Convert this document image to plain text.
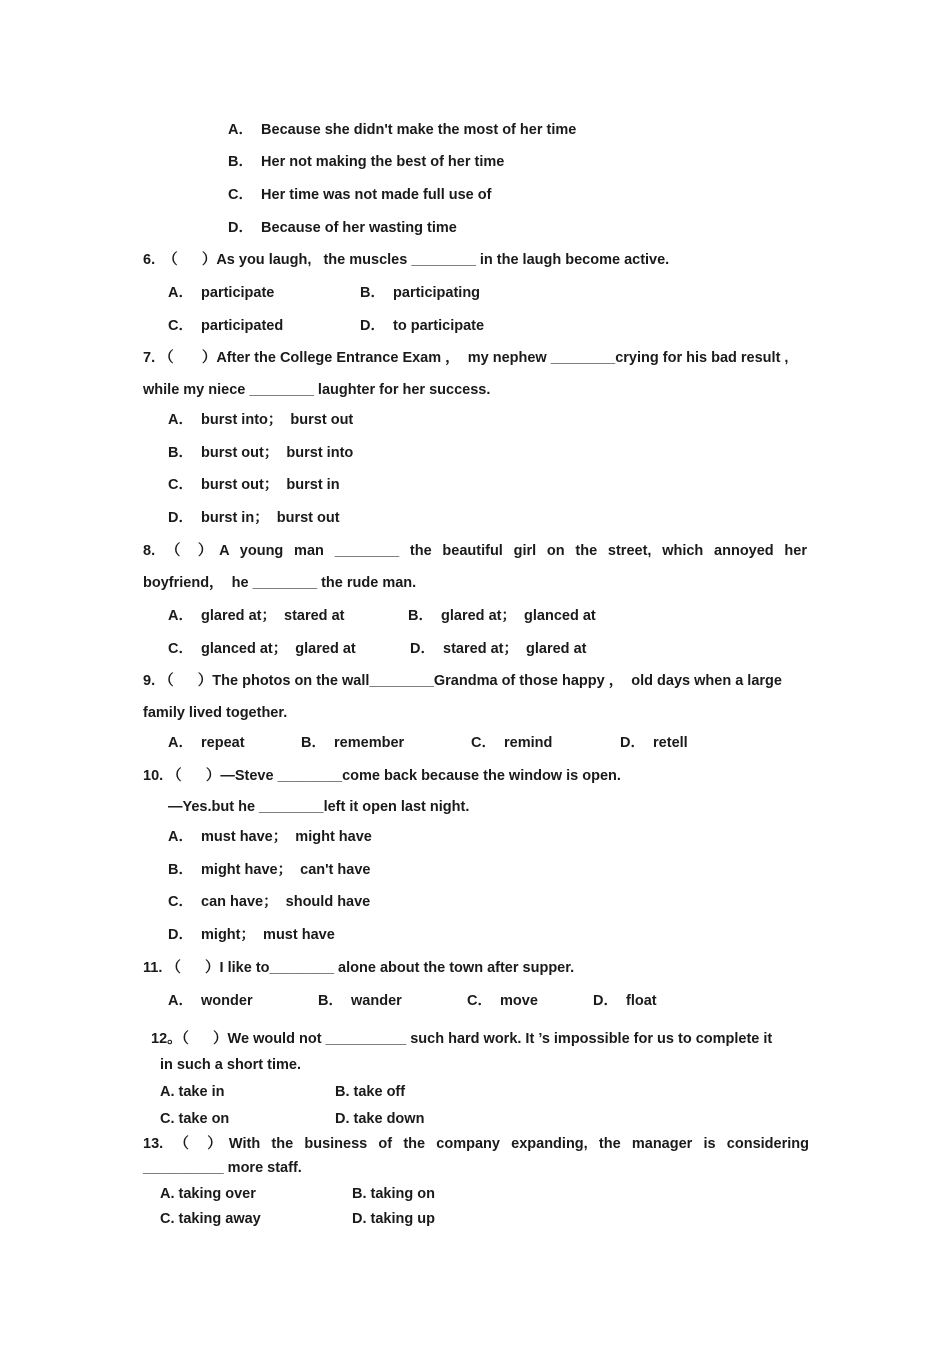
A．  Because she didn't make the most of her time
B．  Her not making the best of her time
C．  Her time was not made full use of
D．  Because of her wasting time
6.  （      ）As you laugh,   the muscles ________ in the laugh become active.
A．  participate	B．  participating
C．  participated	D．  to participate
7. （       ）After the College Entrance Exam ，  my nephew ________crying for his bad result ,
while my niece ________ laughter for her success.
A．  burst into；  burst out
B．  burst out；  burst into
C．  burst out；  burst in
D．  burst in；  burst out
8. （ ）A young man ________ the beautiful girl on the street, which annoyed her
boyfriend，  he ________ the rude man.
A．  glared at；  stared at	B．  glared at；  glanced at
C．  glanced at；  glared at	D．  stared at；  glared at
9. （      ）The photos on the wall________Grandma of those happy ，  old days when a large
family lived together.
A．  repeat	B．  remember	C．  remind	D．  retell
10. （      ）—Steve ________come back because the window is open.
—Yes.but he ________left it open last night.
A．  must have；  might have
B．  might have；  can't have
C．  can have；  should have
D．  might；  must have
11. （      ）I like to________ alone about the town after supper.
A．  wonder	B．  wander	C．  move	D．  float
12。（      ）We would not __________ such hard work. It ’s impossible for us to complete it
in such a short time.
A. take in	B. take off
C. take on	D. take down
13. （ ）With the business of the company expanding, the manager is considering
__________ more staff.
A. taking over	B. taking on
C. taking away	D. taking up
